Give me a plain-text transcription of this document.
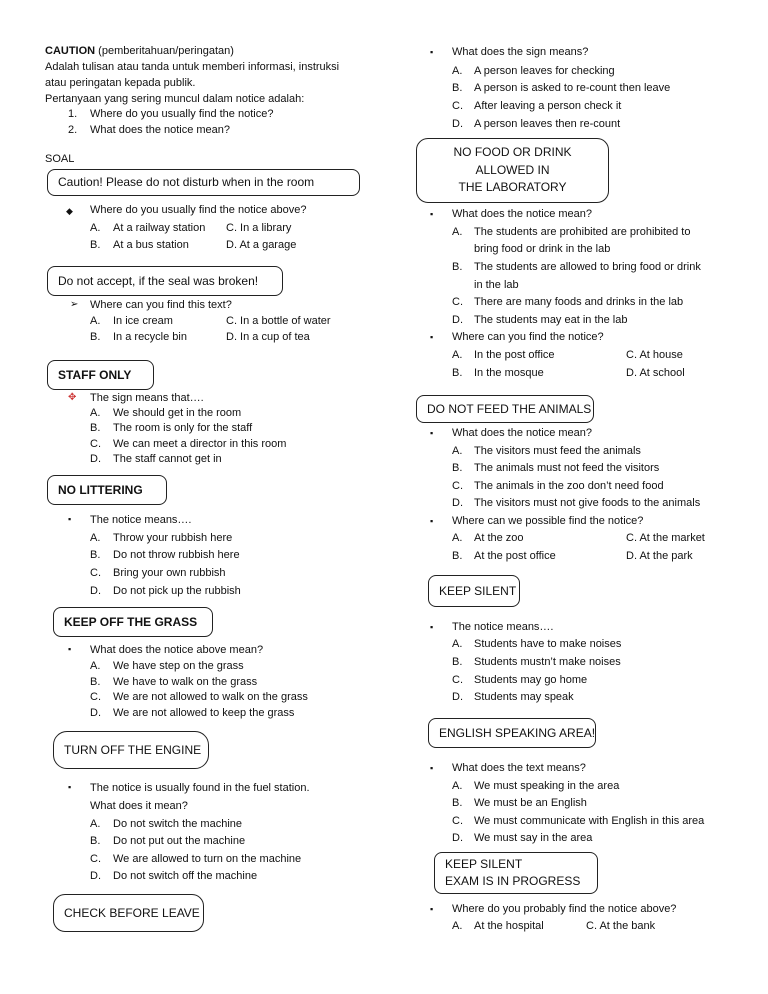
CAUTION (pemberitahuan/peringatan)
Adalah tulisan atau tanda untuk memberi informasi, instruksi
atau peringatan kepada publik.
Pertanyaan yang sering muncul dalam notice adalah:
1. Where do you usually find the notice?
2. What does the notice mean?
SOAL
Caution! Please do not disturb when in the room
◆ Where do you usually find the notice above?
A. At a railway station C. In a library
B. At a bus station	D. At a garage
Do not accept, if the seal was broken!
➢ Where can you find this text?
A. In ice cream	C. In a bottle of water
B. In a recycle bin	D. In a cup of tea
STAFF ONLY
✥ The sign means that….
A. We should get in the room
B. The room is only for the staff
C. We can meet a director in this room
D. The staff cannot get in
NO LITTERING
▪ The notice means….
A. Throw your rubbish here
B. Do not throw rubbish here
C. Bring your own rubbish
D. Do not pick up the rubbish
KEEP OFF THE GRASS
▪ What does the notice above mean?
A. We have step on the grass
B. We have to walk on the grass
C. We are not allowed to walk on the grass
D. We are not allowed to keep the grass
TURN OFF THE ENGINE
▪ The notice is usually found in the fuel station.
What does it mean?
A. Do not switch the machine
B. Do not put out the machine
C. We are allowed to turn on the machine
D. Do not switch off the machine
CHECK BEFORE LEAVE
▪ What does the sign means?
A. A person leaves for checking
B. A person is asked to re-count then leave
C. After leaving a person check it
D. A person leaves then re-count
NO FOOD OR DRINK
ALLOWED IN
THE LABORATORY
▪ What does the notice mean?
A. The students are prohibited are prohibited to
bring food or drink in the lab
B. The students are allowed to bring food or drink
in the lab
C. There are many foods and drinks in the lab
D. The students may eat in the lab
▪ Where can you find the notice?
A. In the post office	C. At house
B. In the mosque	D. At school
DO NOT FEED THE ANIMALS
▪ What does the notice mean?
A. The visitors must feed the animals
B. The animals must not feed the visitors
C. The animals in the zoo don’t need food
D. The visitors must not give foods to the animals
▪ Where can we possible find the notice?
A. At the zoo	C. At the market
B. At the post office	D. At the park
KEEP SILENT
▪ The notice means….
A. Students have to make noises
B. Students mustn’t make noises
C. Students may go home
D. Students may speak
ENGLISH SPEAKING AREA!
▪ What does the text means?
A. We must speaking in the area
B. We must be an English
C. We must communicate with English in this area
D. We must say in the area
KEEP SILENT
EXAM IS IN PROGRESS
▪ Where do you probably find the notice above?
A. At the hospital	C. At the bank
